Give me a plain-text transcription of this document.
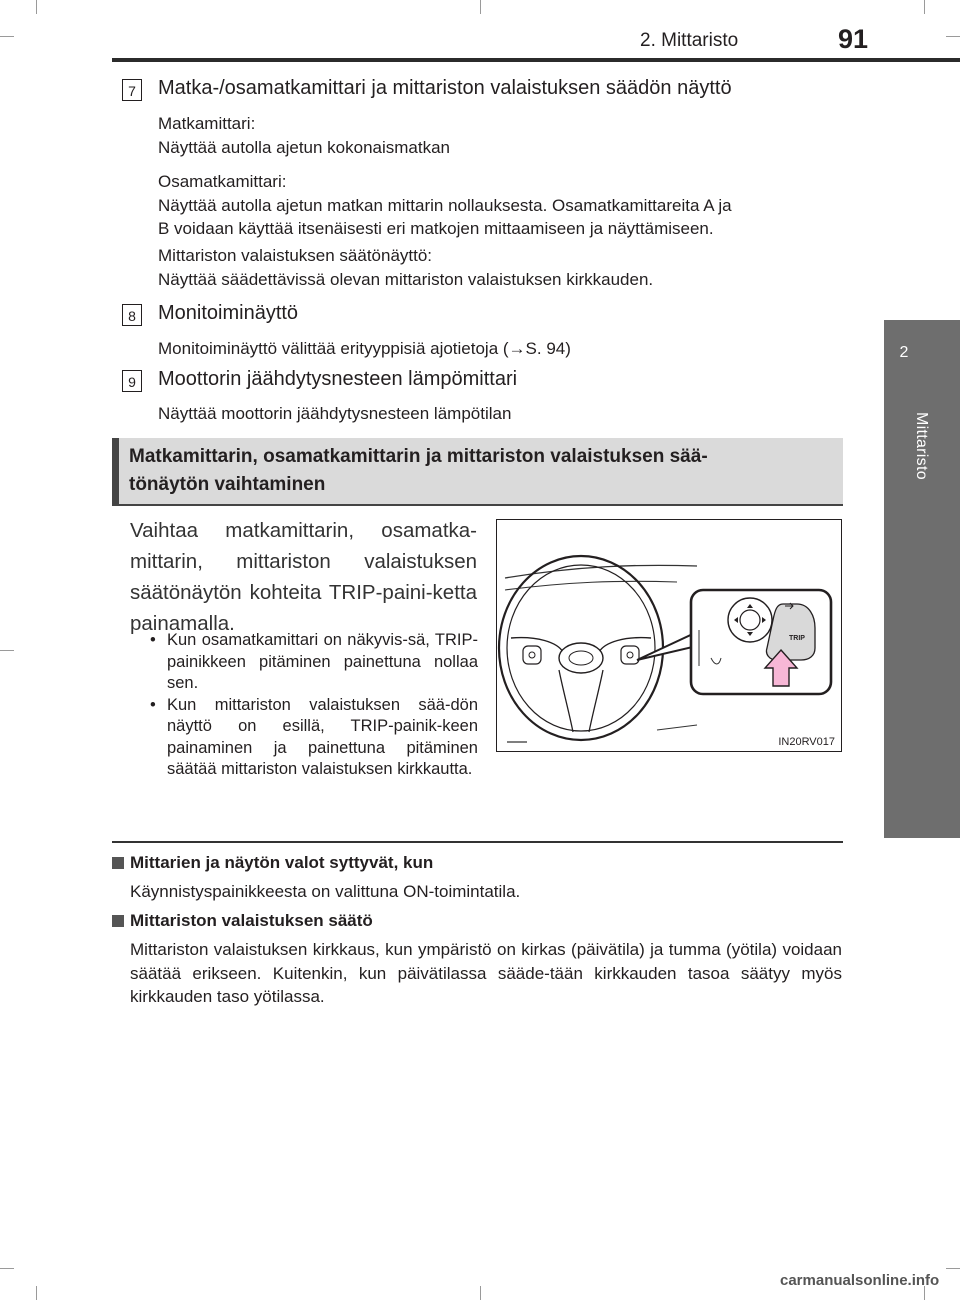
2. Mittaristo	91
2
Mittaristo
7	Matka-/osamatkamittari ja mittariston valaistuksen säädön näyttö
Matkamittari:
Näyttää autolla ajetun kokonaismatkan
Osamatkamittari:
Näyttää autolla ajetun matkan mittarin nollauksesta. Osamatkamittareita A ja
B voidaan käyttää itsenäisesti eri matkojen mittaamiseen ja näyttämiseen.
Mittariston valaistuksen säätönäyttö:
Näyttää säädettävissä olevan mittariston valaistuksen kirkkauden.
8	Monitoiminäyttö
Monitoiminäyttö välittää erityyppisiä ajotietoja (→S. 94)
9	Moottorin jäähdytysnesteen lämpömittari
Näyttää moottorin jäähdytysnesteen lämpötilan
Matkamittarin, osamatkamittarin ja mittariston valaistuksen sää-
tönäytön vaihtaminen
Vaihtaa matkamittarin, osamatka-mittarin, mittariston valaistuksen säätönäytön kohteita TRIP-paini-ketta painamalla.
• Kun osamatkamittari on näkyvis-sä, TRIP-painikkeen pitäminen painettuna nollaa sen.
• Kun mittariston valaistuksen sää-dön näyttö on esillä, TRIP-painik-keen painaminen ja painettuna pitäminen säätää mittariston valaistuksen kirkkautta.
TRIP
IN20RV017
Mittarien ja näytön valot syttyvät, kun
Käynnistyspainikkeesta on valittuna ON-toimintatila.
Mittariston valaistuksen säätö
Mittariston valaistuksen kirkkaus, kun ympäristö on kirkas (päivätila) ja tumma (yötila) voidaan säätää erikseen. Kuitenkin, kun päivätilassa sääde-tään kirkkauden tasoa säätyy myös kirkkauden taso yötilassa.
carmanualsonline.info
